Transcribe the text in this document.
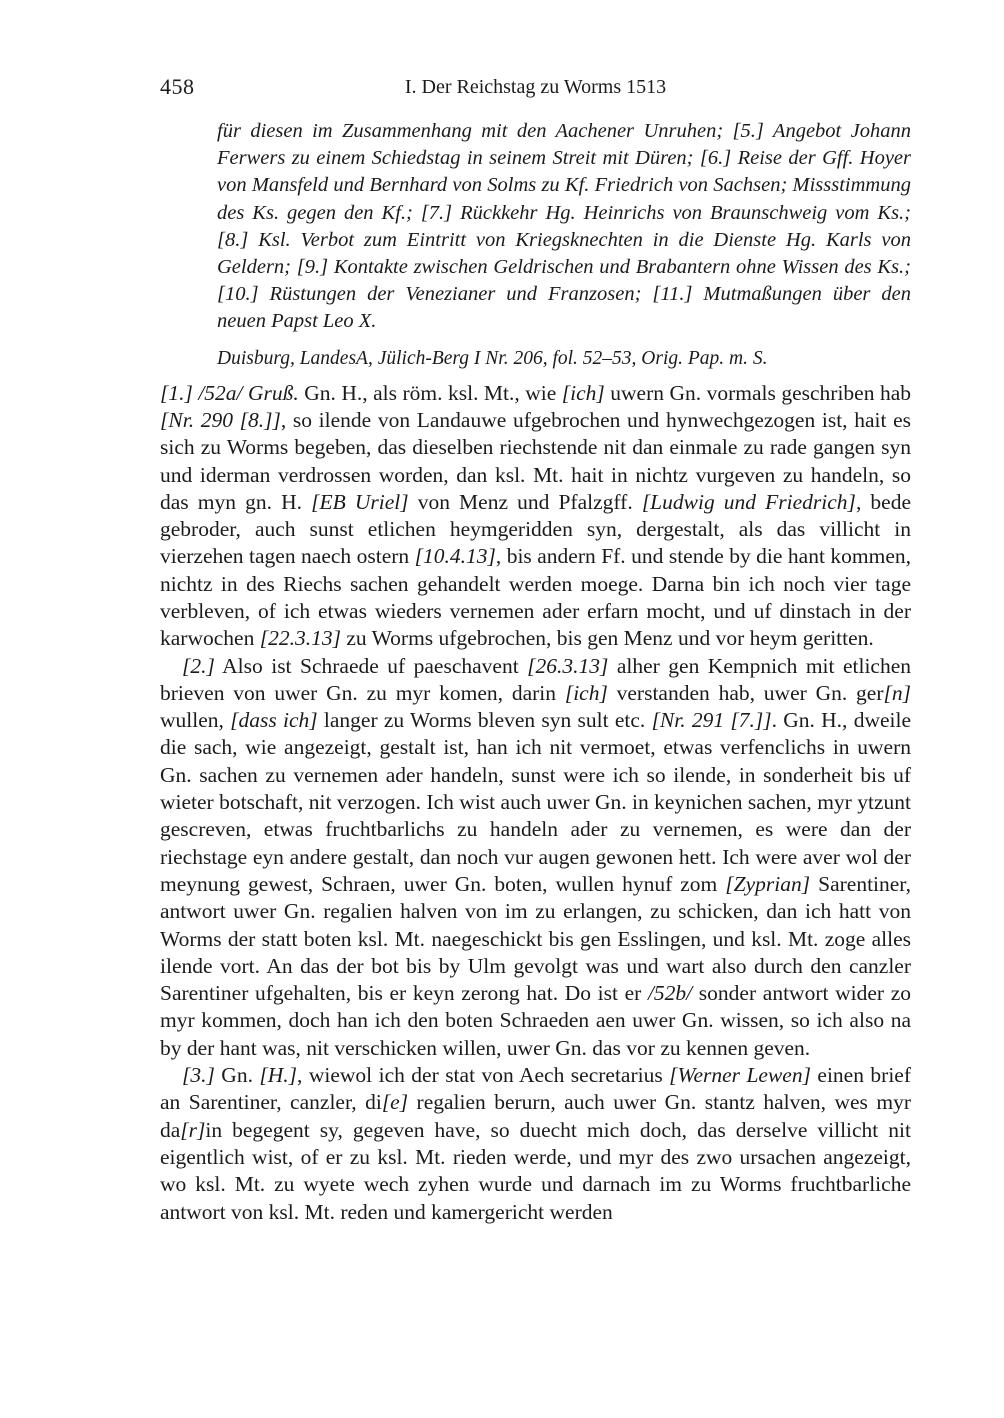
458	I. Der Reichstag zu Worms 1513
für diesen im Zusammenhang mit den Aachener Unruhen; [5.] Angebot Johann Ferwers zu einem Schiedstag in seinem Streit mit Düren; [6.] Reise der Gff. Hoyer von Mansfeld und Bernhard von Solms zu Kf. Friedrich von Sachsen; Missstimmung des Ks. gegen den Kf.; [7.] Rückkehr Hg. Heinrichs von Braunschweig vom Ks.; [8.] Ksl. Verbot zum Eintritt von Kriegsknechten in die Dienste Hg. Karls von Geldern; [9.] Kontakte zwischen Geldrischen und Brabantern ohne Wissen des Ks.; [10.] Rüstungen der Venezianer und Franzosen; [11.] Mutmaßungen über den neuen Papst Leo X.
Duisburg, LandesA, Jülich-Berg I Nr. 206, fol. 52–53, Orig. Pap. m. S.

[1.] /52a/ Gruß. Gn. H., als röm. ksl. Mt., wie [ich] uwern Gn. vormals geschriben hab [Nr. 290 [8.]], so ilende von Landauwe ufgebrochen und hynwechgezogen ist, hait es sich zu Worms begeben, das dieselben riechstende nit dan einmale zu rade gangen syn und iderman verdrossen worden, dan ksl. Mt. hait in nichtz vurgeven zu handeln, so das myn gn. H. [EB Uriel] von Menz und Pfalzgff. [Ludwig und Friedrich], bede gebroder, auch sunst etlichen heymgeridden syn, dergestalt, als das villicht in vierzehen tagen naech ostern [10.4.13], bis andern Ff. und stende by die hant kommen, nichtz in des Riechs sachen gehandelt werden moege. Darna bin ich noch vier tage verbleven, of ich etwas wieders vernemen ader erfarn mocht, und uf dinstach in der karwochen [22.3.13] zu Worms ufgebrochen, bis gen Menz und vor heym geritten.

[2.] Also ist Schraede uf paeschavent [26.3.13] alher gen Kempnich mit etlichen brieven von uwer Gn. zu myr komen, darin [ich] verstanden hab, uwer Gn. ger[n] wullen, [dass ich] langer zu Worms bleven syn sult etc. [Nr. 291 [7.]]. Gn. H., dweile die sach, wie angezeigt, gestalt ist, han ich nit vermoet, etwas verfenclichs in uwern Gn. sachen zu vernemen ader handeln, sunst were ich so ilende, in sonderheit bis uf wieter botschaft, nit verzogen. Ich wist auch uwer Gn. in keynichen sachen, myr ytzunt gescreven, etwas fruchtbarlichs zu handeln ader zu vernemen, es were dan der riechstage eyn andere gestalt, dan noch vur augen gewonen hett. Ich were aver wol der meynung gewest, Schraen, uwer Gn. boten, wullen hynuf zom [Zyprian] Sarentiner, antwort uwer Gn. regalien halven von im zu erlangen, zu schicken, dan ich hatt von Worms der statt boten ksl. Mt. naegeschickt bis gen Esslingen, und ksl. Mt. zoge alles ilende vort. An das der bot bis by Ulm gevolgt was und wart also durch den canzler Sarentiner ufgehalten, bis er keyn zerong hat. Do ist er /52b/ sonder antwort wider zo myr kommen, doch han ich den boten Schraeden aen uwer Gn. wissen, so ich also na by der hant was, nit verschicken willen, uwer Gn. das vor zu kennen geven.

[3.] Gn. [H.], wiewol ich der stat von Aech secretarius [Werner Lewen] einen brief an Sarentiner, canzler, di[e] regalien berurn, auch uwer Gn. stantz halven, wes myr da[r]in begegent sy, gegeven have, so duecht mich doch, das derselve villicht nit eigentlich wist, of er zu ksl. Mt. rieden werde, und myr des zwo ursachen angezeigt, wo ksl. Mt. zu wyete wech zyhen wurde und darnach im zu Worms fruchtbarliche antwort von ksl. Mt. reden und kamergericht werden
